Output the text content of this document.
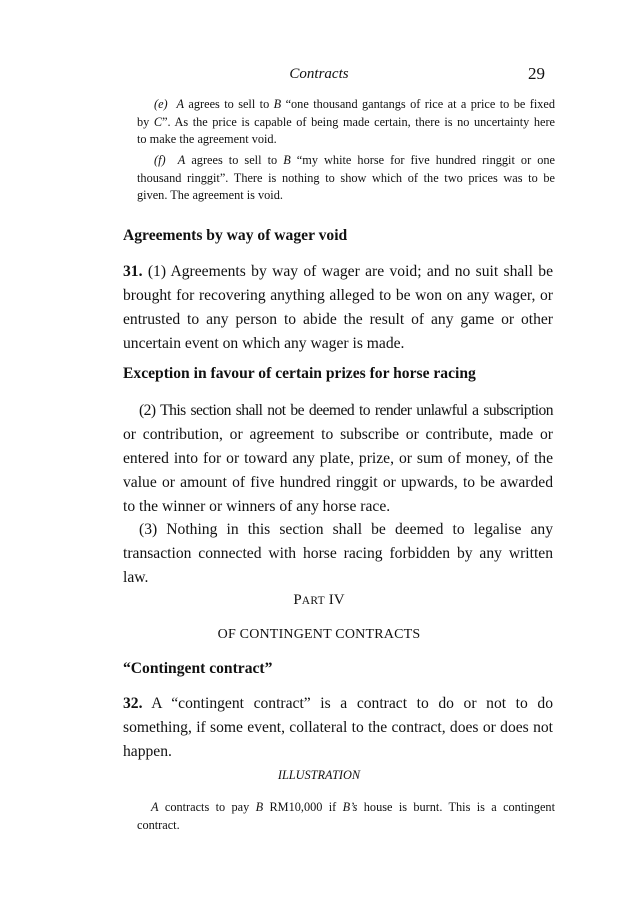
Contracts	29
(e) A agrees to sell to B “one thousand gantangs of rice at a price to be fixed
by C”. As the price is capable of being made certain, there is no uncertainty here
to make the agreement void.
(f) A agrees to sell to B “my white horse for five hundred ringgit or one
thousand ringgit”. There is nothing to show which of the two prices was to be
given. The agreement is void.
Agreements by way of wager void
31. (1) Agreements by way of wager are void; and no suit shall be
brought for recovering anything alleged to be won on any wager, or
entrusted to any person to abide the result of any game or other
uncertain event on which any wager is made.
Exception in favour of certain prizes for horse racing
(2) This section shall not be deemed to render unlawful a subscription
or contribution, or agreement to subscribe or contribute, made or
entered into for or toward any plate, prize, or sum of money, of the
value or amount of five hundred ringgit or upwards, to be awarded
to the winner or winners of any horse race.
(3) Nothing in this section shall be deemed to legalise any
transaction connected with horse racing forbidden by any written
law.
PART IV
OF CONTINGENT CONTRACTS
“Contingent contract”
32. A “contingent contract” is a contract to do or not to do
something, if some event, collateral to the contract, does or does not
happen.
ILLUSTRATION
A contracts to pay B RM10,000 if B’s house is burnt. This is a contingent
contract.
